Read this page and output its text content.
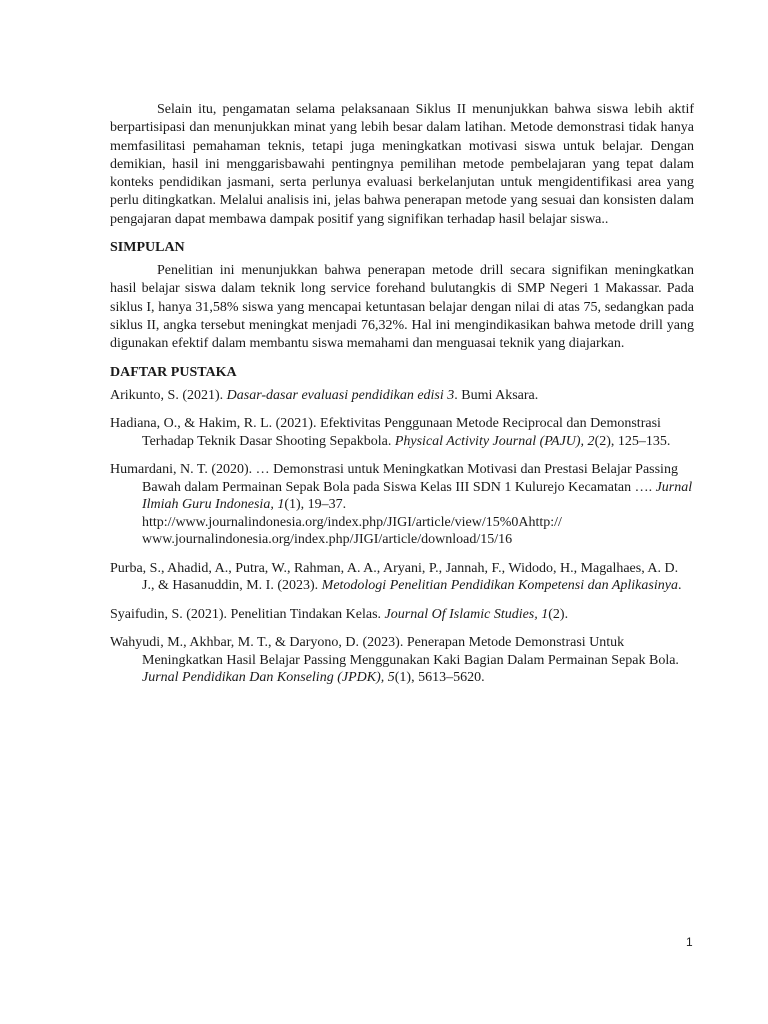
Selain itu, pengamatan selama pelaksanaan Siklus II menunjukkan bahwa siswa lebih aktif berpartisipasi dan menunjukkan minat yang lebih besar dalam latihan. Metode demonstrasi tidak hanya memfasilitasi pemahaman teknis, tetapi juga meningkatkan motivasi siswa untuk belajar. Dengan demikian, hasil ini menggarisbawahi pentingnya pemilihan metode pembelajaran yang tepat dalam konteks pendidikan jasmani, serta perlunya evaluasi berkelanjutan untuk mengidentifikasi area yang perlu ditingkatkan. Melalui analisis ini, jelas bahwa penerapan metode yang sesuai dan konsisten dalam pengajaran dapat membawa dampak positif yang signifikan terhadap hasil belajar siswa..

SIMPULAN

Penelitian ini menunjukkan bahwa penerapan metode drill secara signifikan meningkatkan hasil belajar siswa dalam teknik long service forehand bulutangkis di SMP Negeri 1 Makassar. Pada siklus I, hanya 31,58% siswa yang mencapai ketuntasan belajar dengan nilai di atas 75, sedangkan pada siklus II, angka tersebut meningkat menjadi 76,32%. Hal ini mengindikasikan bahwa metode drill yang digunakan efektif dalam membantu siswa memahami dan menguasai teknik yang diajarkan.

DAFTAR PUSTAKA

Arikunto, S. (2021). Dasar-dasar evaluasi pendidikan edisi 3. Bumi Aksara.

Hadiana, O., & Hakim, R. L. (2021). Efektivitas Penggunaan Metode Reciprocal dan Demonstrasi Terhadap Teknik Dasar Shooting Sepakbola. Physical Activity Journal (PAJU), 2(2), 125–135.

Humardani, N. T. (2020). … Demonstrasi untuk Meningkatkan Motivasi dan Prestasi Belajar Passing Bawah dalam Permainan Sepak Bola pada Siswa Kelas III SDN 1 Kulurejo Kecamatan …. Jurnal Ilmiah Guru Indonesia, 1(1), 19–37.
http://www.journalindonesia.org/index.php/JIGI/article/view/15%0Ahttp://
www.journalindonesia.org/index.php/JIGI/article/download/15/16

Purba, S., Ahadid, A., Putra, W., Rahman, A. A., Aryani, P., Jannah, F., Widodo, H., Magalhaes, A. D. J., & Hasanuddin, M. I. (2023). Metodologi Penelitian Pendidikan Kompetensi dan Aplikasinya.

Syaifudin, S. (2021). Penelitian Tindakan Kelas. Journal Of Islamic Studies, 1(2).

Wahyudi, M., Akhbar, M. T., & Daryono, D. (2023). Penerapan Metode Demonstrasi Untuk Meningkatkan Hasil Belajar Passing Menggunakan Kaki Bagian Dalam Permainan Sepak Bola. Jurnal Pendidikan Dan Konseling (JPDK), 5(1), 5613–5620.

1
